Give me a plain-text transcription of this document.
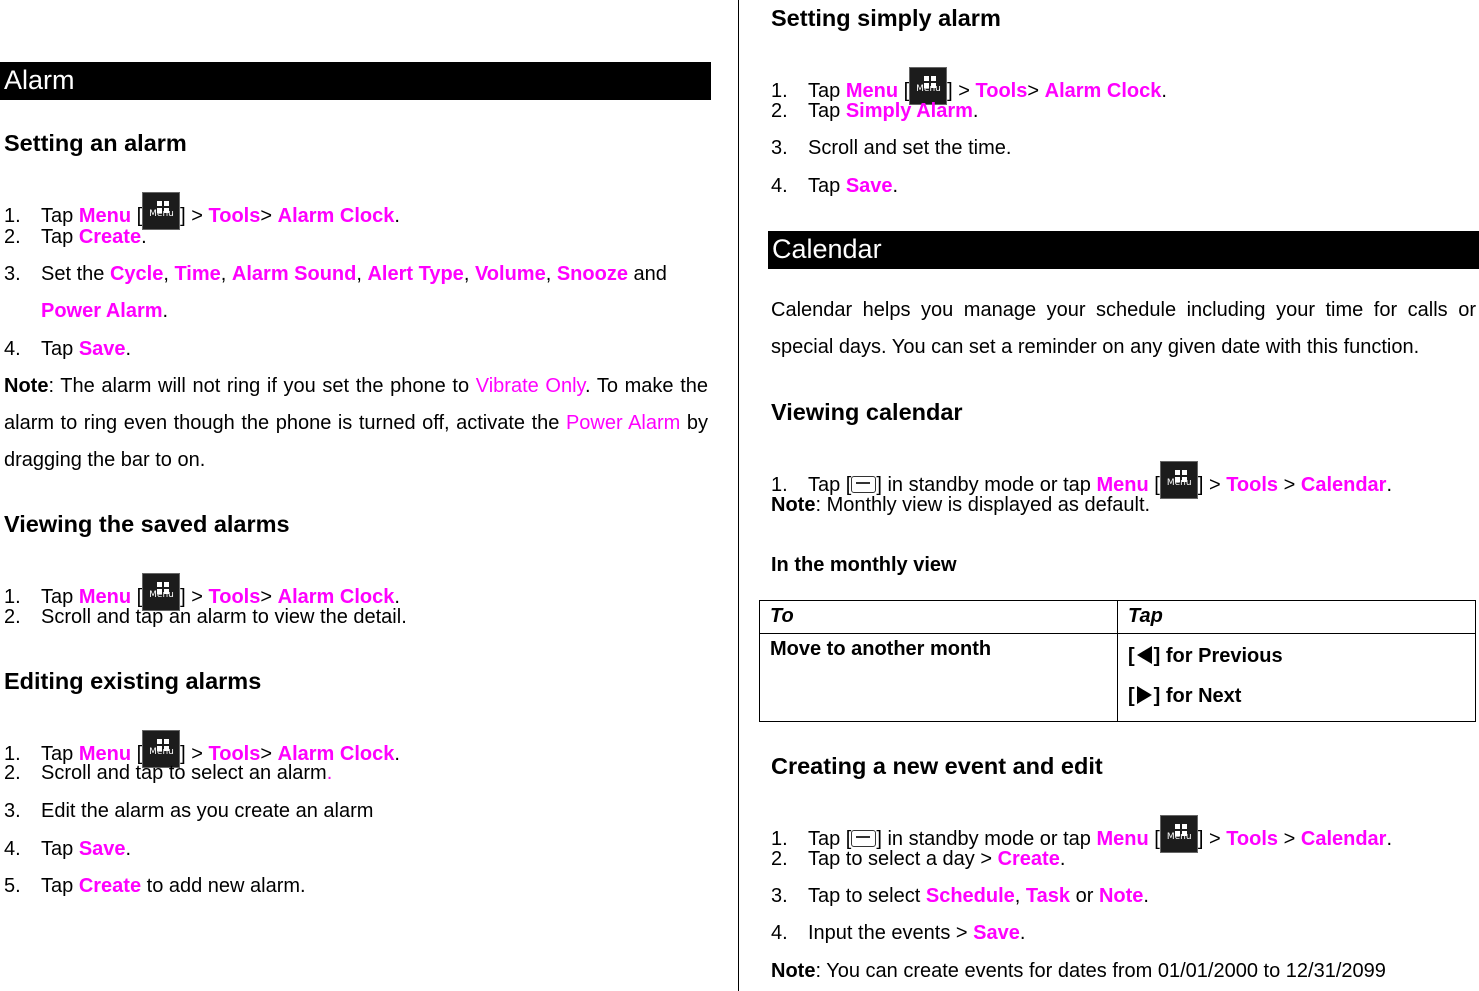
Alarm
Setting an alarm
1. Tap Menu [ Menu ] > Tools> Alarm Clock.
2. Tap Create.
3. Set the Cycle, Time, Alarm Sound, Alert Type, Volume, Snooze and
Power Alarm.
4. Tap Save.
Note: The alarm will not ring if you set the phone to Vibrate Only. To make the alarm to ring even though the phone is turned off, activate the Power Alarm by dragging the bar to on.
Viewing the saved alarms
1. Tap Menu [ Menu ] > Tools> Alarm Clock.
2. Scroll and tap an alarm to view the detail.
Editing existing alarms
1. Tap Menu [ Menu ] > Tools> Alarm Clock.
2. Scroll and tap to select an alarm.
3. Edit the alarm as you create an alarm
4. Tap Save.
5. Tap Create to add new alarm.
Setting simply alarm
1. Tap Menu [ Menu ] > Tools> Alarm Clock.
2. Tap Simply Alarm.
3. Scroll and set the time.
4. Tap Save.
Calendar
Calendar helps you manage your schedule including your time for calls or special days. You can set a reminder on any given date with this function.
Viewing calendar
1. Tap [ ] in standby mode or tap Menu [ Menu ] > Tools > Calendar.
Note: Monthly view is displayed as default.
In the monthly view
To	Tap
Move to another month	[ ] for Previous
[ ] for Next
Creating a new event and edit
1. Tap [ ] in standby mode or tap Menu [ Menu ] > Tools > Calendar.
2. Tap to select a day > Create.
3. Tap to select Schedule, Task or Note.
4. Input the events > Save.
Note: You can create events for dates from 01/01/2000 to 12/31/2099
